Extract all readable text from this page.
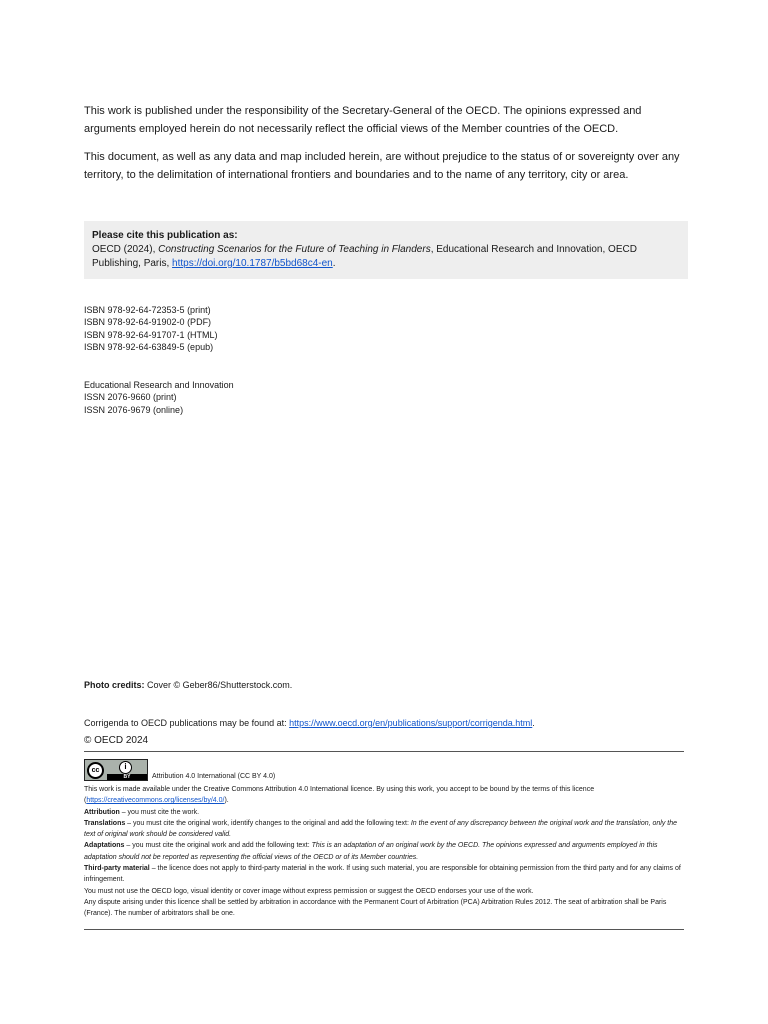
This work is published under the responsibility of the Secretary-General of the OECD. The opinions expressed and arguments employed herein do not necessarily reflect the official views of the Member countries of the OECD.

This document, as well as any data and map included herein, are without prejudice to the status of or sovereignty over any territory, to the delimitation of international frontiers and boundaries and to the name of any territory, city or area.

Please cite this publication as:
OECD (2024), Constructing Scenarios for the Future of Teaching in Flanders, Educational Research and Innovation, OECD Publishing, Paris, https://doi.org/10.1787/b5bd68c4-en.
ISBN 978-92-64-72353-5 (print)
ISBN 978-92-64-91902-0 (PDF)
ISBN 978-92-64-91707-1 (HTML)
ISBN 978-92-64-63849-5 (epub)
Educational Research and Innovation
ISSN 2076-9660 (print)
ISSN 2076-9679 (online)
Photo credits: Cover © Geber86/Shutterstock.com.
Corrigenda to OECD publications may be found at: https://www.oecd.org/en/publications/support/corrigenda.html.
© OECD 2024
cc	i
BY	Attribution 4.0 International (CC BY 4.0)

This work is made available under the Creative Commons Attribution 4.0 International licence. By using this work, you accept to be bound by the terms of this licence (https://creativecommons.org/licenses/by/4.0/).

Attribution – you must cite the work.

Translations – you must cite the original work, identify changes to the original and add the following text: In the event of any discrepancy between the original work and the translation, only the text of original work should be considered valid.

Adaptations – you must cite the original work and add the following text: This is an adaptation of an original work by the OECD. The opinions expressed and arguments employed in this adaptation should not be reported as representing the official views of the OECD or of its Member countries.

Third-party material – the licence does not apply to third-party material in the work. If using such material, you are responsible for obtaining permission from the third party and for any claims of infringement.

You must not use the OECD logo, visual identity or cover image without express permission or suggest the OECD endorses your use of the work.

Any dispute arising under this licence shall be settled by arbitration in accordance with the Permanent Court of Arbitration (PCA) Arbitration Rules 2012. The seat of arbitration shall be Paris (France). The number of arbitrators shall be one.
